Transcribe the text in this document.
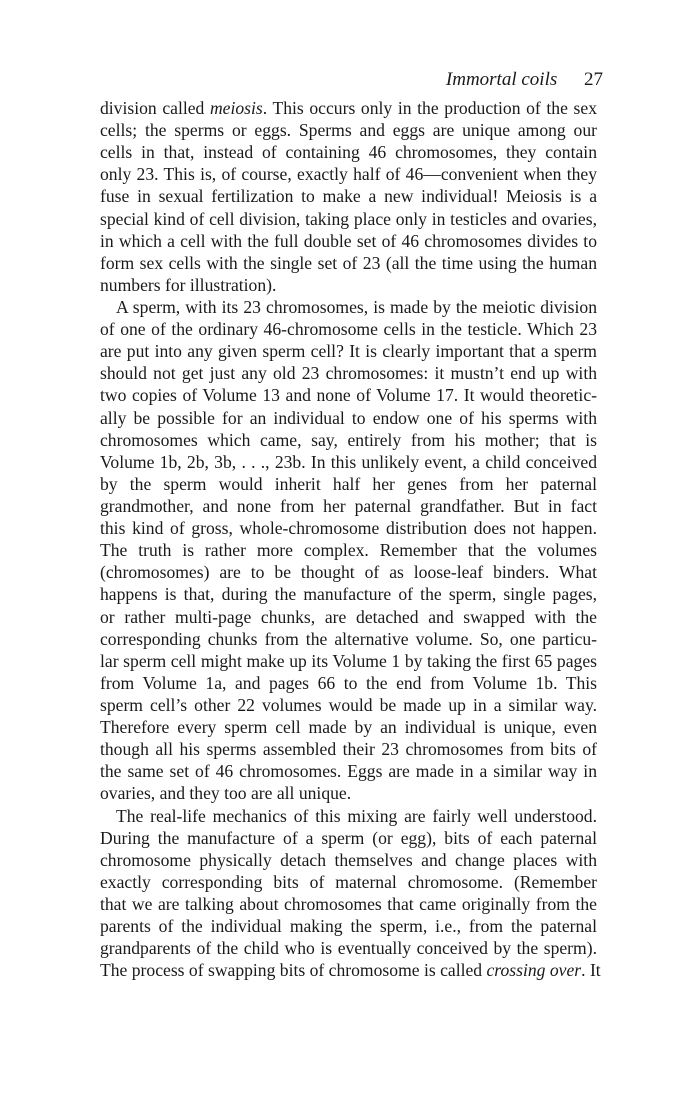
Immortal coils 27
division called meiosis. This occurs only in the production of the sex
cells; the sperms or eggs. Sperms and eggs are unique among our
cells in that, instead of containing 46 chromosomes, they contain
only 23. This is, of course, exactly half of 46—convenient when they
fuse in sexual fertilization to make a new individual! Meiosis is a
special kind of cell division, taking place only in testicles and ovaries,
in which a cell with the full double set of 46 chromosomes divides to
form sex cells with the single set of 23 (all the time using the human
numbers for illustration).
A sperm, with its 23 chromosomes, is made by the meiotic division
of one of the ordinary 46-chromosome cells in the testicle. Which 23
are put into any given sperm cell? It is clearly important that a sperm
should not get just any old 23 chromosomes: it mustn’t end up with
two copies of Volume 13 and none of Volume 17. It would theoretic-
ally be possible for an individual to endow one of his sperms with
chromosomes which came, say, entirely from his mother; that is
Volume 1b, 2b, 3b, . . ., 23b. In this unlikely event, a child conceived
by the sperm would inherit half her genes from her paternal
grandmother, and none from her paternal grandfather. But in fact
this kind of gross, whole-chromosome distribution does not happen.
The truth is rather more complex. Remember that the volumes
(chromosomes) are to be thought of as loose-leaf binders. What
happens is that, during the manufacture of the sperm, single pages,
or rather multi-page chunks, are detached and swapped with the
corresponding chunks from the alternative volume. So, one particu-
lar sperm cell might make up its Volume 1 by taking the first 65 pages
from Volume 1a, and pages 66 to the end from Volume 1b. This
sperm cell’s other 22 volumes would be made up in a similar way.
Therefore every sperm cell made by an individual is unique, even
though all his sperms assembled their 23 chromosomes from bits of
the same set of 46 chromosomes. Eggs are made in a similar way in
ovaries, and they too are all unique.
The real-life mechanics of this mixing are fairly well understood.
During the manufacture of a sperm (or egg), bits of each paternal
chromosome physically detach themselves and change places with
exactly corresponding bits of maternal chromosome. (Remember
that we are talking about chromosomes that came originally from the
parents of the individual making the sperm, i.e., from the paternal
grandparents of the child who is eventually conceived by the sperm).
The process of swapping bits of chromosome is called crossing over. It
